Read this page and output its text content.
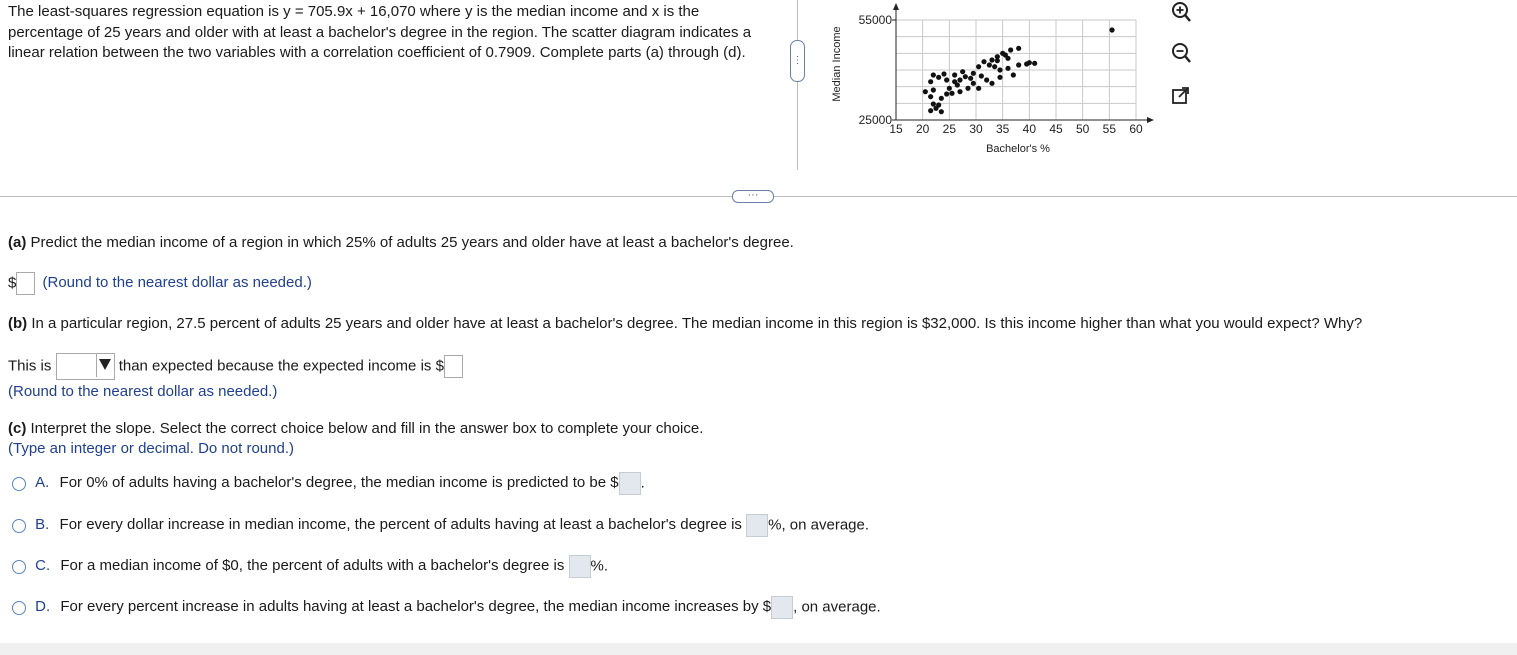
The least-squares regression equation is y = 705.9x + 16,070 where y is the median income and x is the percentage of 25 years and older with at least a bachelor's degree in the region. The scatter diagram indicates a linear relation between the two variables with a correlation coefficient of 0.7909. Complete parts (a) through (d).	⋮	Median Income
15 20 25 30 35 40 45 50 55 60
25000
55000
Bachelor's %
···
(a) Predict the median income of a region in which 25% of adults 25 years and older have at least a bachelor's degree.
$ (Round to the nearest dollar as needed.)
(b) In a particular region, 27.5 percent of adults 25 years and older have at least a bachelor's degree. The median income in this region is $32,000. Is this income higher than what you would expect? Why?
This is	than expected because the expected income is $
(Round to the nearest dollar as needed.)
(c) Interpret the slope. Select the correct choice below and fill in the answer box to complete your choice.
(Type an integer or decimal. Do not round.)
A. For 0% of adults having a bachelor's degree, the median income is predicted to be $ .
B. For every dollar increase in median income, the percent of adults having at least a bachelor's degree is %, on average.
C. For a median income of $0, the percent of adults with a bachelor's degree is %.
D. For every percent increase in adults having at least a bachelor's degree, the median income increases by $ , on average.
